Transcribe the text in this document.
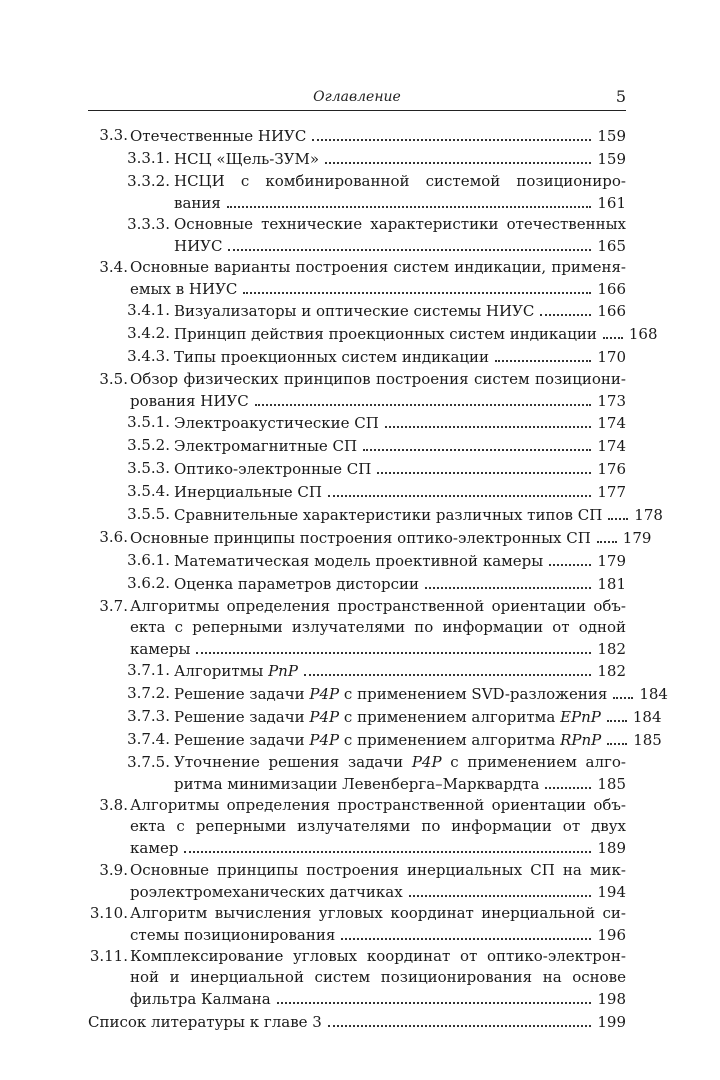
Оглавление	5
3.3. Отечественные НИУС	159
3.3.1. НСЦ «Щель-ЗУМ»	159
3.3.2. НСЦИ с комбинированной системой позициониро-
вания	161
3.3.3. Основные технические характеристики отечественных
НИУС	165
3.4. Основные варианты построения систем индикации, применя-
емых в НИУС	166
3.4.1. Визуализаторы и оптические системы НИУС	166
3.4.2. Принцип действия проекционных систем индикации 168
3.4.3. Типы проекционных систем индикации	170
3.5. Обзор физических принципов построения систем позициони-
рования НИУС	173
3.5.1. Электроакустические СП	174
3.5.2. Электромагнитные СП	174
3.5.3. Оптико-электронные СП	176
3.5.4. Инерциальные СП	177
3.5.5. Сравнительные характеристики различных типов СП 178
3.6. Основные принципы построения оптико-электронных СП 179
3.6.1. Математическая модель проективной камеры	179
3.6.2. Оценка параметров дисторсии	181
3.7. Алгоритмы определения пространственной ориентации объ-
екта с реперными излучателями по информации от одной
камеры	182
3.7.1. Алгоритмы PnP	182
3.7.2. Решение задачи P4P с применением SVD-разложения 184
3.7.3. Решение задачи P4P с применением алгоритма EPnP 184
3.7.4. Решение задачи P4P с применением алгоритма RPnP 185
3.7.5. Уточнение решения задачи P4P с применением алго-
ритма минимизации Левенберга–Марквардта	185
3.8. Алгоритмы определения пространственной ориентации объ-
екта с реперными излучателями по информации от двух
камер	189
3.9. Основные принципы построения инерциальных СП на мик-
роэлектромеханических датчиках	194
3.10. Алгоритм вычисления угловых координат инерциальной си-
стемы позиционирования	196
3.11. Комплексирование угловых координат от оптико-электрон-
ной и инерциальной систем позиционирования на основе
фильтра Калмана	198
Список литературы к главе 3	199
